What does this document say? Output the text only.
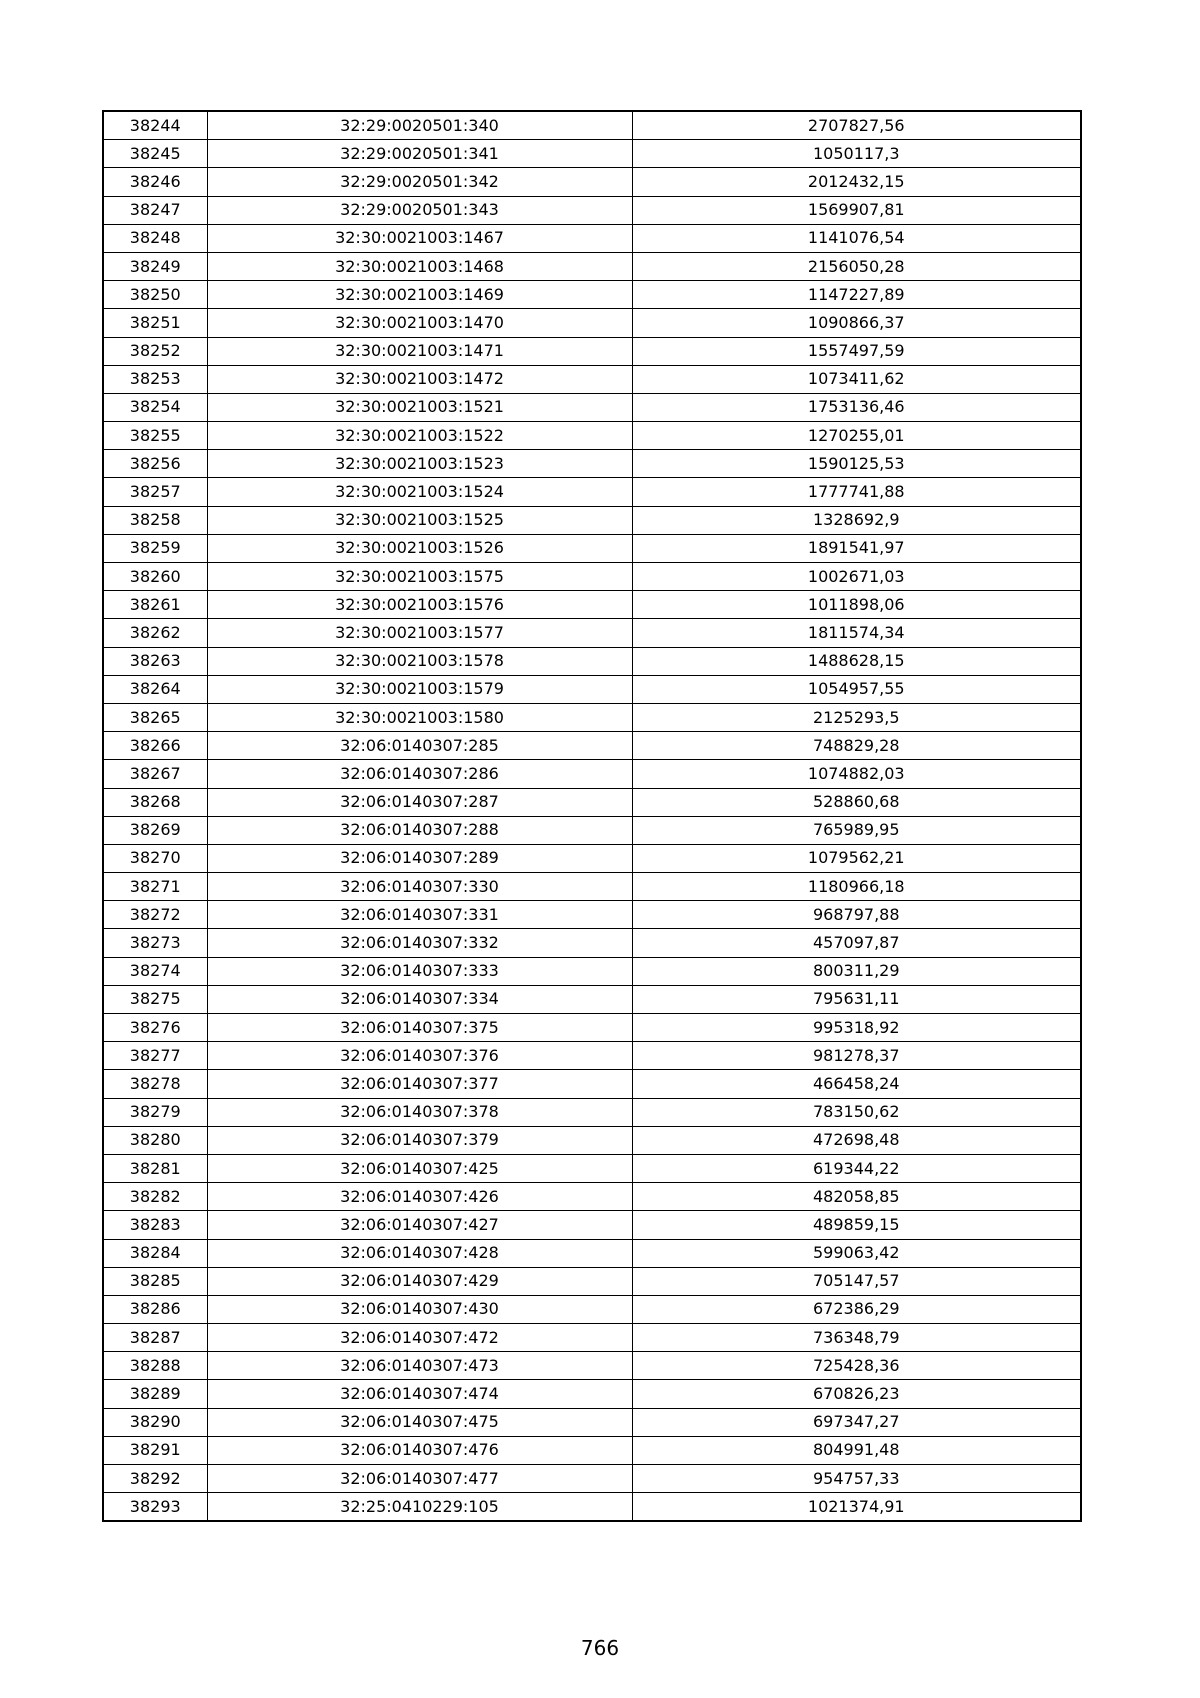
38244	32:29:0020501:340	2707827,56
38245	32:29:0020501:341	1050117,3
38246	32:29:0020501:342	2012432,15
38247	32:29:0020501:343	1569907,81
38248	32:30:0021003:1467	1141076,54
38249	32:30:0021003:1468	2156050,28
38250	32:30:0021003:1469	1147227,89
38251	32:30:0021003:1470	1090866,37
38252	32:30:0021003:1471	1557497,59
38253	32:30:0021003:1472	1073411,62
38254	32:30:0021003:1521	1753136,46
38255	32:30:0021003:1522	1270255,01
38256	32:30:0021003:1523	1590125,53
38257	32:30:0021003:1524	1777741,88
38258	32:30:0021003:1525	1328692,9
38259	32:30:0021003:1526	1891541,97
38260	32:30:0021003:1575	1002671,03
38261	32:30:0021003:1576	1011898,06
38262	32:30:0021003:1577	1811574,34
38263	32:30:0021003:1578	1488628,15
38264	32:30:0021003:1579	1054957,55
38265	32:30:0021003:1580	2125293,5
38266	32:06:0140307:285	748829,28
38267	32:06:0140307:286	1074882,03
38268	32:06:0140307:287	528860,68
38269	32:06:0140307:288	765989,95
38270	32:06:0140307:289	1079562,21
38271	32:06:0140307:330	1180966,18
38272	32:06:0140307:331	968797,88
38273	32:06:0140307:332	457097,87
38274	32:06:0140307:333	800311,29
38275	32:06:0140307:334	795631,11
38276	32:06:0140307:375	995318,92
38277	32:06:0140307:376	981278,37
38278	32:06:0140307:377	466458,24
38279	32:06:0140307:378	783150,62
38280	32:06:0140307:379	472698,48
38281	32:06:0140307:425	619344,22
38282	32:06:0140307:426	482058,85
38283	32:06:0140307:427	489859,15
38284	32:06:0140307:428	599063,42
38285	32:06:0140307:429	705147,57
38286	32:06:0140307:430	672386,29
38287	32:06:0140307:472	736348,79
38288	32:06:0140307:473	725428,36
38289	32:06:0140307:474	670826,23
38290	32:06:0140307:475	697347,27
38291	32:06:0140307:476	804991,48
38292	32:06:0140307:477	954757,33
38293	32:25:0410229:105	1021374,91
766
